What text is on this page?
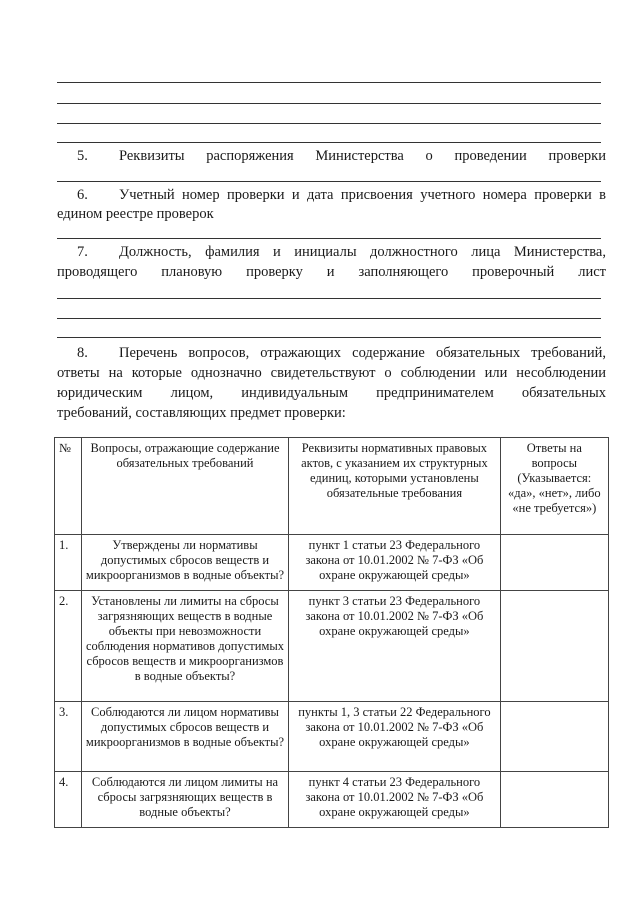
5. Реквизиты распоряжения Министерства о проведении проверки
6. Учетный номер проверки и дата присвоения учетного номера проверки в
едином реестре проверок
7. Должность, фамилия и инициалы должностного лица Министерства,
проводящего плановую проверку и заполняющего проверочный лист
8. Перечень вопросов, отражающих содержание обязательных требований,
ответы на которые однозначно свидетельствуют о соблюдении или несоблюдении
юридическим лицом, индивидуальным предпринимателем обязательных
требований, составляющих предмет проверки:
№	Вопросы, отражающие содержание обязательных требований	Реквизиты нормативных правовых актов, с указанием их структурных единиц, которыми установлены обязательные требования	Ответы на вопросы (Указывается: «да», «нет», либо «не требуется»)
1.	Утверждены ли нормативы допустимых сбросов веществ и микроорганизмов в водные объекты?	пункт 1 статьи 23 Федерального закона от 10.01.2002 № 7-ФЗ «Об охране окружающей среды»	
2.	Установлены ли лимиты на сбросы загрязняющих веществ в водные объекты при невозможности соблюдения нормативов допустимых сбросов веществ и микроорганизмов в водные объекты?	пункт 3 статьи 23 Федерального закона от 10.01.2002 № 7-ФЗ «Об охране окружающей среды»	
3.	Соблюдаются ли лицом нормативы допустимых сбросов веществ и микроорганизмов в водные объекты?	пункты 1, 3 статьи 22 Федерального закона от 10.01.2002 № 7-ФЗ «Об охране окружающей среды»	
4.	Соблюдаются ли лицом лимиты на сбросы загрязняющих веществ в водные объекты?	пункт 4 статьи 23 Федерального закона от 10.01.2002 № 7-ФЗ «Об охране окружающей среды»	
